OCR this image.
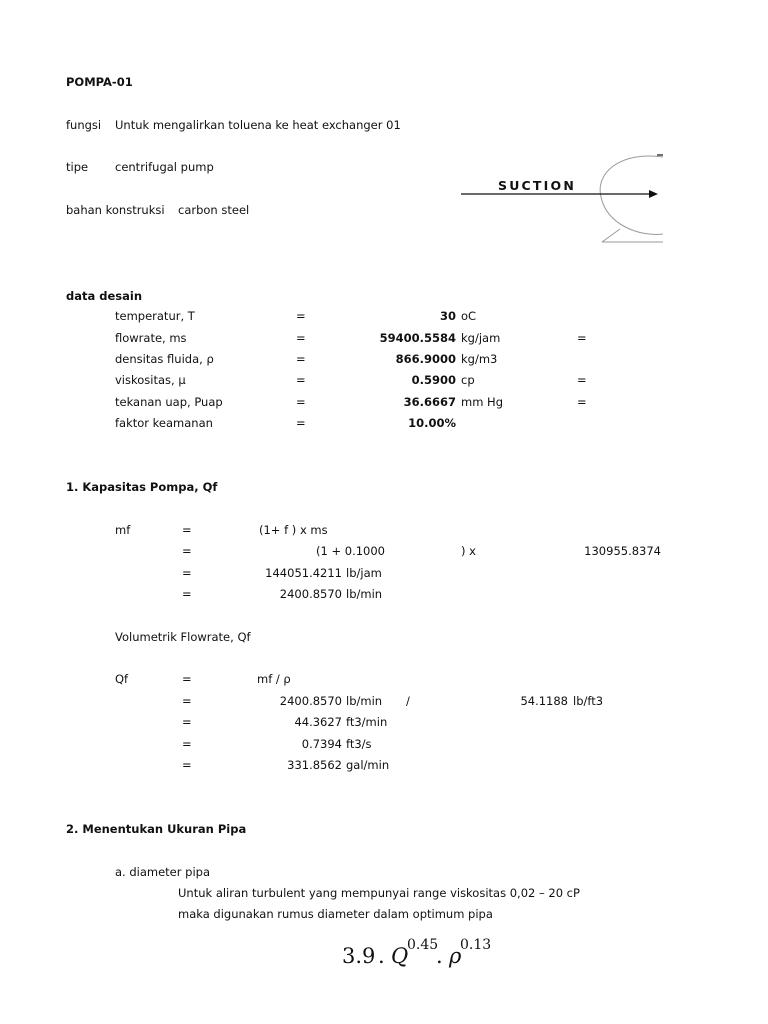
POMPA-01
fungsi Untuk mengalirkan toluena ke heat exchanger 01
tipe centrifugal pump
bahan konstruksi carbon steel
SUCTION
data desain
temperatur, T	=	30 oC
flowrate, ms	=	59400.5584 kg/jam	=
densitas fluida, ρ	=	866.9000 kg/m3
viskositas, μ	=	0.5900 cp	=
tekanan uap, Puap	=	36.6667 mm Hg	=
faktor keamanan	=	10.00%
1. Kapasitas Pompa, Qf
mf	=	(1+ f ) x ms
=	(1 + 0.1000	) x	130955.8374
=	144051.4211 lb/jam
=	2400.8570 lb/min
Volumetrik Flowrate, Qf
Qf	=	mf / ρ
=	2400.8570 lb/min /	54.1188 lb/ft3
=	44.3627 ft3/min
=	0.7394 ft3/s
=	331.8562 gal/min
2. Menentukan Ukuran Pipa
a. diameter pipa
Untuk aliran turbulent yang mempunyai range viskositas 0,02 – 20 cP
maka digunakan rumus diameter dalam optimum pipa
3.9 . Q
0.45
. ρ
0.13
